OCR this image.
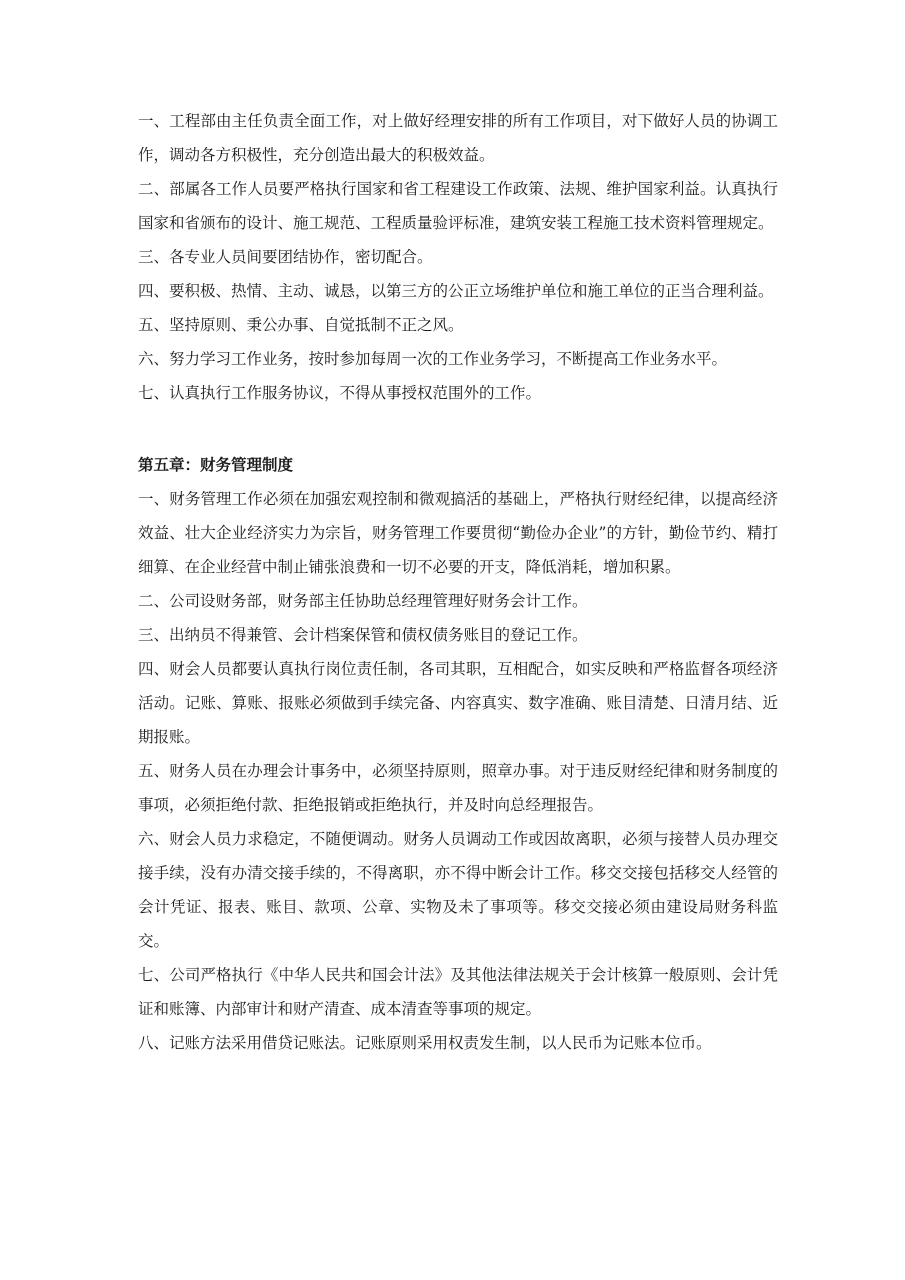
一、工程部由主任负责全面工作，对上做好经理安排的所有工作项目，对下做好人员的协调工作，调动各方积极性，充分创造出最大的积极效益。

二、部属各工作人员要严格执行国家和省工程建设工作政策、法规、维护国家利益。认真执行国家和省颁布的设计、施工规范、工程质量验评标准，建筑安装工程施工技术资料管理规定。

三、各专业人员间要团结协作，密切配合。

四、要积极、热情、主动、诚恳，以第三方的公正立场维护单位和施工单位的正当合理利益。

五、坚持原则、秉公办事、自觉抵制不正之风。

六、努力学习工作业务，按时参加每周一次的工作业务学习，不断提高工作业务水平。

七、认真执行工作服务协议，不得从事授权范围外的工作。

第五章：财务管理制度

一、财务管理工作必须在加强宏观控制和微观搞活的基础上，严格执行财经纪律，以提高经济效益、壮大企业经济实力为宗旨，财务管理工作要贯彻“勤俭办企业”的方针，勤俭节约、精打细算、在企业经营中制止铺张浪费和一切不必要的开支，降低消耗，增加积累。

二、公司设财务部，财务部主任协助总经理管理好财务会计工作。

三、出纳员不得兼管、会计档案保管和债权债务账目的登记工作。

四、财会人员都要认真执行岗位责任制，各司其职，互相配合，如实反映和严格监督各项经济活动。记账、算账、报账必须做到手续完备、内容真实、数字准确、账目清楚、日清月结、近期报账。

五、财务人员在办理会计事务中，必须坚持原则，照章办事。对于违反财经纪律和财务制度的事项，必须拒绝付款、拒绝报销或拒绝执行，并及时向总经理报告。

六、财会人员力求稳定，不随便调动。财务人员调动工作或因故离职，必须与接替人员办理交接手续，没有办清交接手续的，不得离职，亦不得中断会计工作。移交交接包括移交人经管的会计凭证、报表、账目、款项、公章、实物及未了事项等。移交交接必须由建设局财务科监交。

七、公司严格执行《中华人民共和国会计法》及其他法律法规关于会计核算一般原则、会计凭证和账簿、内部审计和财产清查、成本清查等事项的规定。

八、记账方法采用借贷记账法。记账原则采用权责发生制，以人民币为记账本位币。
